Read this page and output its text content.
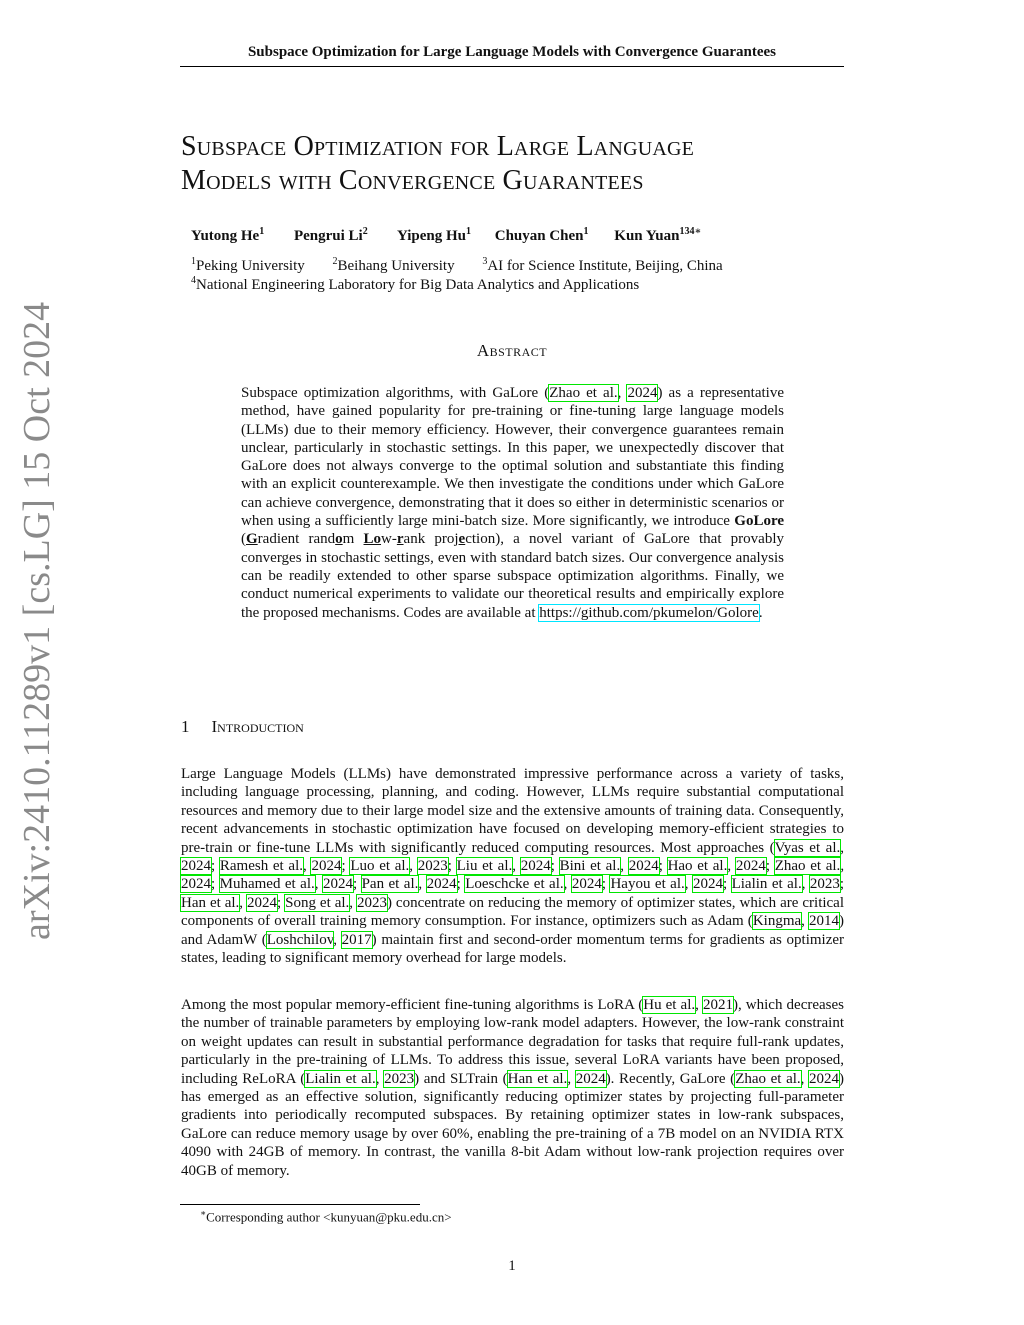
Subspace Optimization for Large Language Models with Convergence Guarantees
Subspace Optimization for Large Language
Models with Convergence Guarantees
Yutong He$^1$ Pengrui Li$^2$ Yipeng Hu$^1$ Chuyan Chen$^1$ Kun Yuan$^{134∗}$
$^1$Peking University	$^2$Beihang University	$^3$AI for Science Institute, Beijing, China
$^4$National Engineering Laboratory for Big Data Analytics and Applications
arXiv:2410.11289v1 [cs.LG] 15 Oct 2024	Abstract
Subspace optimization algorithms, with GaLore (Zhao et al., 2024) as a representative method, have gained popularity for pre-training or fine-tuning large language models (LLMs) due to their memory efficiency. However, their convergence guarantees remain unclear, particularly in stochastic settings. In this paper, we unexpectedly discover that GaLore does not always converge to the optimal solution and substantiate this finding with an explicit counterexample. We then investigate the conditions under which GaLore can achieve convergence, demonstrating that it does so either in deterministic scenarios or when using a sufficiently large mini-batch size. More significantly, we introduce GoLore (Gradient random Low-rank projection), a novel variant of GaLore that provably converges in stochastic settings, even with standard batch sizes. Our convergence analysis can be readily extended to other sparse subspace optimization algorithms. Finally, we conduct numerical experiments to validate our theoretical results and empirically explore the proposed mechanisms. Codes are available at https://github.com/pkumelon/Golore.
1 Introduction
Large Language Models (LLMs) have demonstrated impressive performance across a variety of tasks, including language processing, planning, and coding. However, LLMs require substantial computational resources and memory due to their large model size and the extensive amounts of training data. Consequently, recent advancements in stochastic optimization have focused on developing memory-efficient strategies to pre-train or fine-tune LLMs with significantly reduced computing resources. Most approaches (Vyas et al., 2024; Ramesh et al., 2024; Luo et al., 2023; Liu et al., 2024; Bini et al., 2024; Hao et al., 2024; Zhao et al., 2024; Muhamed et al., 2024; Pan et al., 2024; Loeschcke et al., 2024; Hayou et al., 2024; Lialin et al., 2023; Han et al., 2024; Song et al., 2023) concentrate on reducing the memory of optimizer states, which are critical components of overall training memory consumption. For instance, optimizers such as Adam (Kingma, 2014) and AdamW (Loshchilov, 2017) maintain first and second-order momentum terms for gradients as optimizer states, leading to significant memory overhead for large models.
Among the most popular memory-efficient fine-tuning algorithms is LoRA (Hu et al., 2021), which decreases the number of trainable parameters by employing low-rank model adapters. However, the low-rank constraint on weight updates can result in substantial performance degradation for tasks that require full-rank updates, particularly in the pre-training of LLMs. To address this issue, several LoRA variants have been proposed, including ReLoRA (Lialin et al., 2023) and SLTrain (Han et al., 2024). Recently, GaLore (Zhao et al., 2024) has emerged as an effective solution, significantly reducing optimizer states by projecting full-parameter gradients into periodically recomputed subspaces. By retaining optimizer states in low-rank subspaces, GaLore can reduce memory usage by over 60%, enabling the pre-training of a 7B model on an NVIDIA RTX 4090 with 24GB of memory. In contrast, the vanilla 8-bit Adam without low-rank projection requires over 40GB of memory.
∗Corresponding author <kunyuan@pku.edu.cn>
1
